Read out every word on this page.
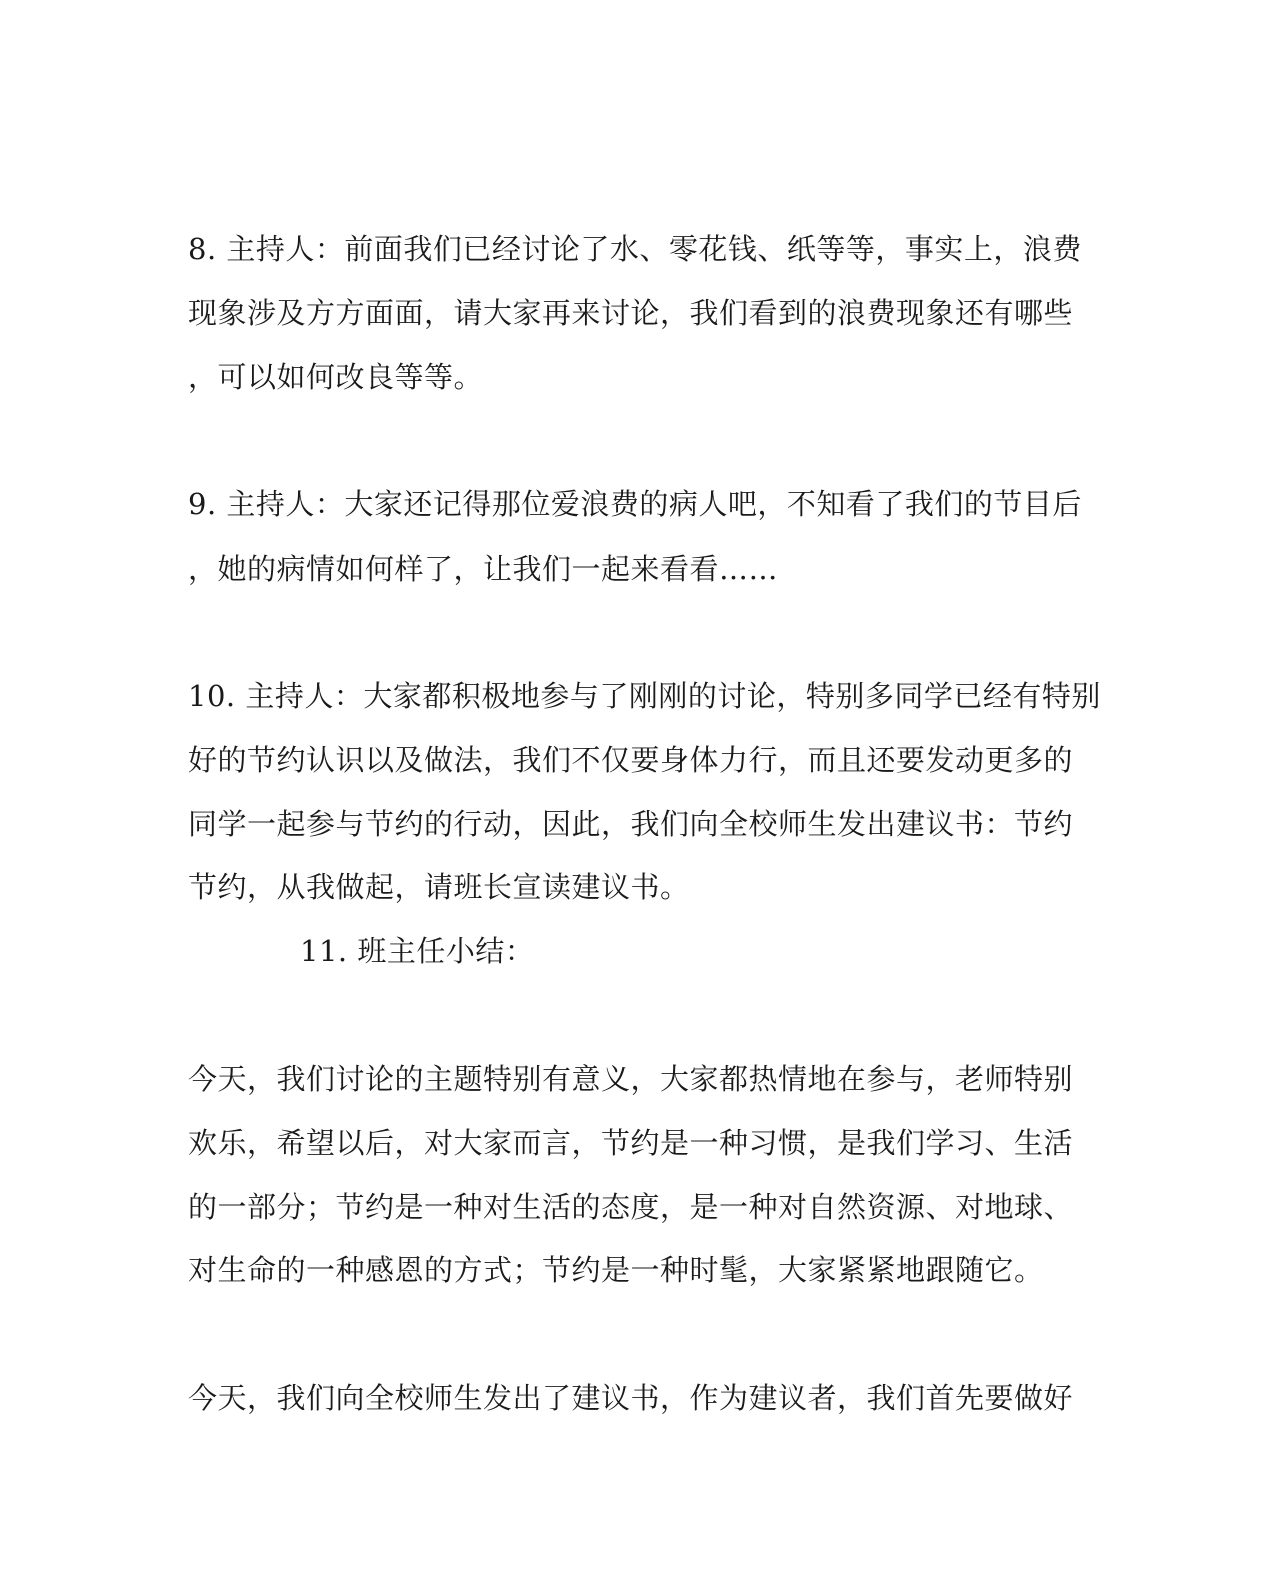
8. 主持人：前面我们已经讨论了水、零花钱、纸等等，事实上，浪费
现象涉及方方面面，请大家再来讨论，我们看到的浪费现象还有哪些
，可以如何改良等等。
9. 主持人：大家还记得那位爱浪费的病人吧，不知看了我们的节目后
，她的病情如何样了，让我们一起来看看……
10. 主持人：大家都积极地参与了刚刚的讨论，特别多同学已经有特别
好的节约认识以及做法，我们不仅要身体力行，而且还要发动更多的
同学一起参与节约的行动，因此，我们向全校师生发出建议书：节约
节约，从我做起，请班长宣读建议书。
11. 班主任小结：
今天，我们讨论的主题特别有意义，大家都热情地在参与，老师特别
欢乐，希望以后，对大家而言，节约是一种习惯，是我们学习、生活
的一部分；节约是一种对生活的态度，是一种对自然资源、对地球、
对生命的一种感恩的方式；节约是一种时髦，大家紧紧地跟随它。
今天，我们向全校师生发出了建议书，作为建议者，我们首先要做好
